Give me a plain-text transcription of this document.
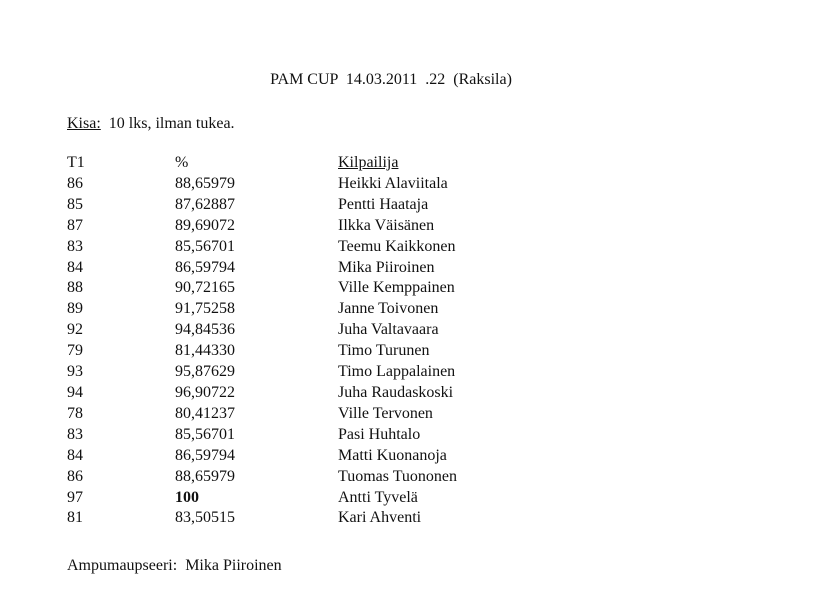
PAM CUP  14.03.2011  .22  (Raksila)
Kisa:  10 lks, ilman tukea.
T1	%	Kilpailija
86	88,65979	Heikki Alaviitala
85	87,62887	Pentti Haataja
87	89,69072	Ilkka Väisänen
83	85,56701	Teemu Kaikkonen
84	86,59794	Mika Piiroinen
88	90,72165	Ville Kemppainen
89	91,75258	Janne Toivonen
92	94,84536	Juha Valtavaara
79	81,44330	Timo Turunen
93	95,87629	Timo Lappalainen
94	96,90722	Juha Raudaskoski
78	80,41237	Ville Tervonen
83	85,56701	Pasi Huhtalo
84	86,59794	Matti Kuonanoja
86	88,65979	Tuomas Tuononen
97	100	Antti Tyvelä
81	83,50515	Kari Ahventi
Ampumaupseeri: Mika Piiroinen
